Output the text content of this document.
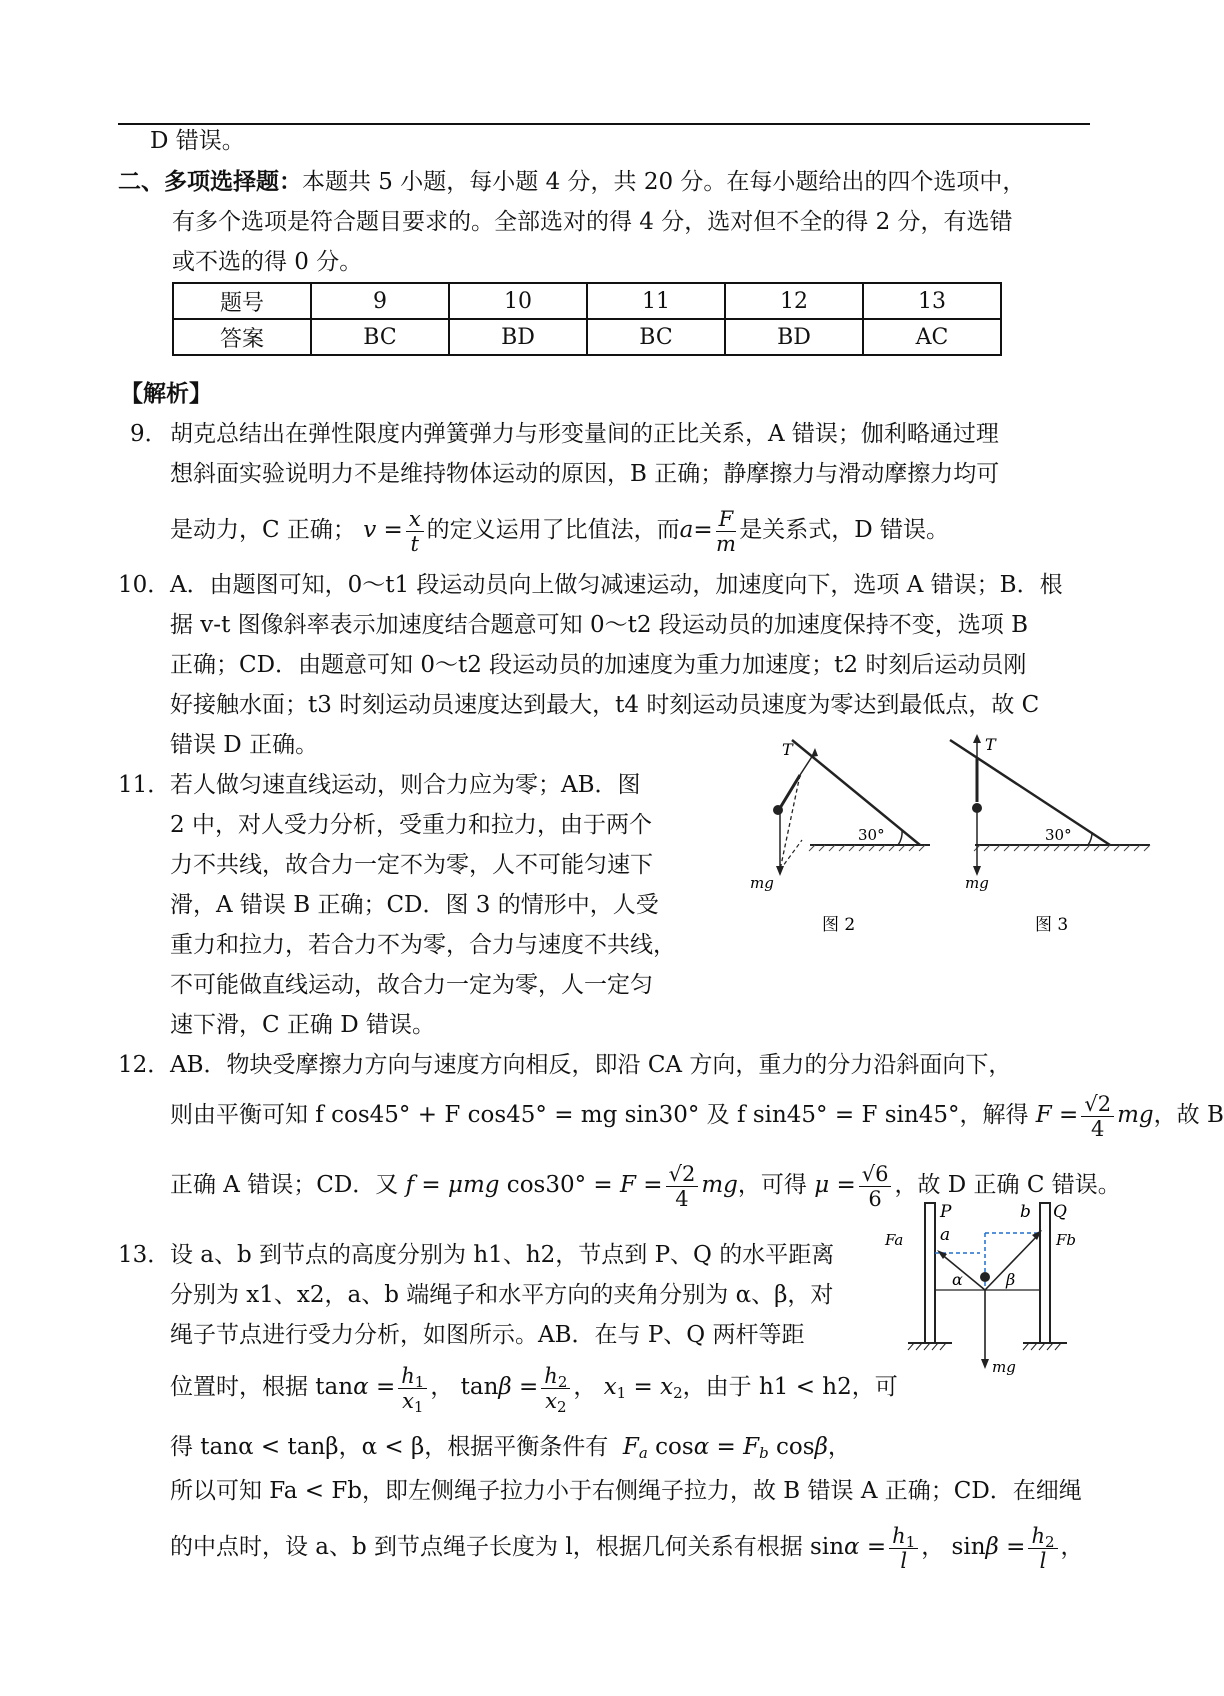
D 错误。
二、多项选择题：本题共 5 小题，每小题 4 分，共 20 分。在每小题给出的四个选项中，
有多个选项是符合题目要求的。全部选对的得 4 分，选对但不全的得 2 分，有选错
或不选的得 0 分。
题号	9	10	11	12	13
答案	BC	BD	BC	BD	AC
【解析】
9． 胡克总结出在弹性限度内弹簧弹力与形变量间的正比关系，A 错误；伽利略通过理
想斜面实验说明力不是维持物体运动的原因，B 正确；静摩擦力与滑动摩擦力均可
是动力，C 正确； $v = \frac{x}{t}$ 的定义运用了比值法，而$a= \frac{F}{m}$ 是关系式，D 错误。
10． A．由题图可知，0～t1 段运动员向上做匀减速运动，加速度向下，选项 A 错误；B．根
据 v-t 图像斜率表示加速度结合题意可知 0～t2 段运动员的加速度保持不变，选项 B
正确；CD．由题意可知 0～t2 段运动员的加速度为重力加速度；t2 时刻后运动员刚
好接触水面；t3 时刻运动员速度达到最大，t4 时刻运动员速度为零达到最低点，故 C
错误 D 正确。
11． 若人做匀速直线运动，则合力应为零；AB．图
2 中，对人受力分析，受重力和拉力，由于两个
力不共线，故合力一定不为零，人不可能匀速下
滑，A 错误 B 正确；CD．图 3 的情形中，人受
重力和拉力，若合力不为零，合力与速度不共线，
不可能做直线运动，故合力一定为零，人一定匀
速下滑，C 正确 D 错误。
30°
T
mg
图 2
30°
T
mg
图 3
12． AB．物块受摩擦力方向与速度方向相反，即沿 CA 方向，重力的分力沿斜面向下，
则由平衡可知 f cos45° + F cos45° = mg sin30° 及 f sin45° = F sin45°，解得 $F = \frac{√2}{4}$ mg，故 B
正确 A 错误；CD．又 f = μmg $\cos 30^\circ = F = \frac{√2}{4}$ mg，可得 $\mu = \frac{√6}{6}$ ，故 D 正确 C 错误。
13． 设 a、b 到节点的高度分别为 h1、h2，节点到 P、Q 的水平距离
分别为 x1、x2，a、b 端绳子和水平方向的夹角分别为 α、β，对
绳子节点进行受力分析，如图所示。AB．在与 P、Q 两杆等距
位置时，根据 $\tan\alpha = \frac{h_1}{x_1}$ ， $\tan\beta = \frac{h_2}{x_2}$ ， $x_1 = x_2$，由于 h1 < h2，可
得 tanα < tanβ，α < β，根据平衡条件有 $F_a$ $\cos\alpha = F_b$ cosβ，
所以可知 Fa < Fb，即左侧绳子拉力小于右侧绳子拉力，故 B 错误 A 正确；CD．在细绳
的中点时，设 a、b 到节点绳子长度为 l，根据几何关系有根据 $\sin\alpha = \frac{h_1}{l}$ ， $\sin\beta = \frac{h_2}{l}$ ，
P	Q
b
a
Fa	Fb
α	β
mg
